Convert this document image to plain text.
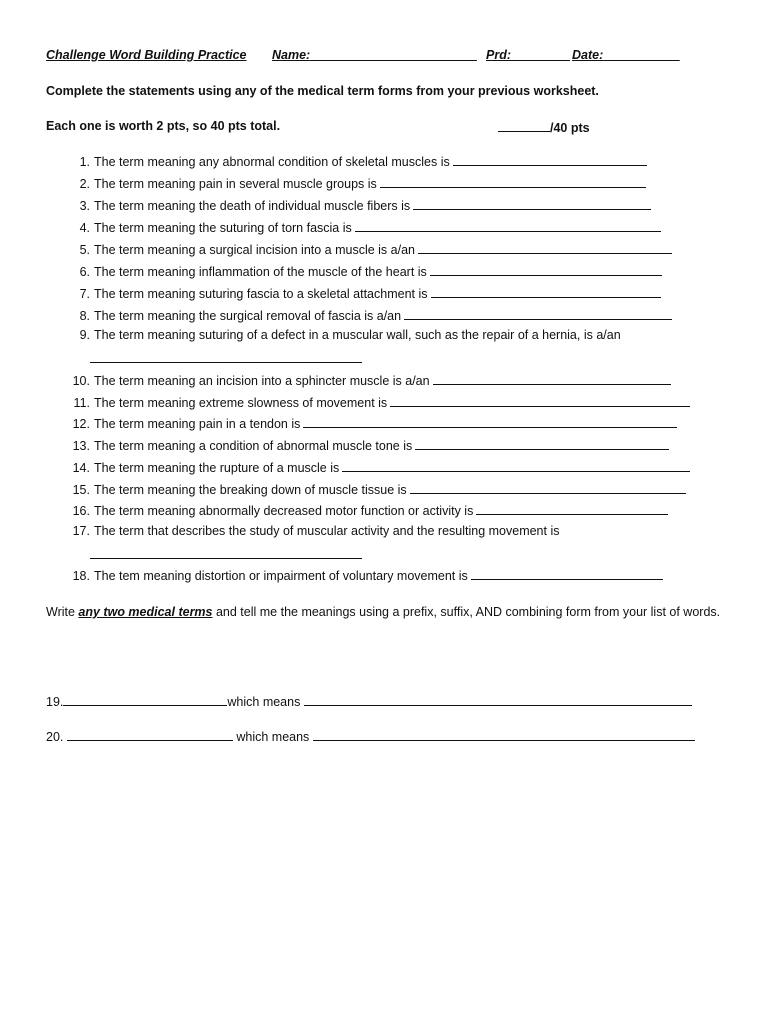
Challenge Word Building Practice Name:	Prd:	Date:
Complete the statements using any of the medical term forms from your previous worksheet.
Each one is worth 2 pts, so 40 pts total.	/40 pts
1. The term meaning any abnormal condition of skeletal muscles is
2. The term meaning pain in several muscle groups is
3. The term meaning the death of individual muscle fibers is
4. The term meaning the suturing of torn fascia is
5. The term meaning a surgical incision into a muscle is a/an
6. The term meaning inflammation of the muscle of the heart is
7. The term meaning suturing fascia to a skeletal attachment is
8. The term meaning the surgical removal of fascia is a/an
9. The term meaning suturing of a defect in a muscular wall, such as the repair of a hernia, is a/an
10. The term meaning an incision into a sphincter muscle is a/an
11. The term meaning extreme slowness of movement is
12. The term meaning pain in a tendon is
13. The term meaning a condition of abnormal muscle tone is
14. The term meaning the rupture of a muscle is
15. The term meaning the breaking down of muscle tissue is
16. The term meaning abnormally decreased motor function or activity is
17. The term that describes the study of muscular activity and the resulting movement is
18. The tem meaning distortion or impairment of voluntary movement is
Write any two medical terms and tell me the meanings using a prefix, suffix, AND combining form from your list of words.
19.	which means
20.	which means
